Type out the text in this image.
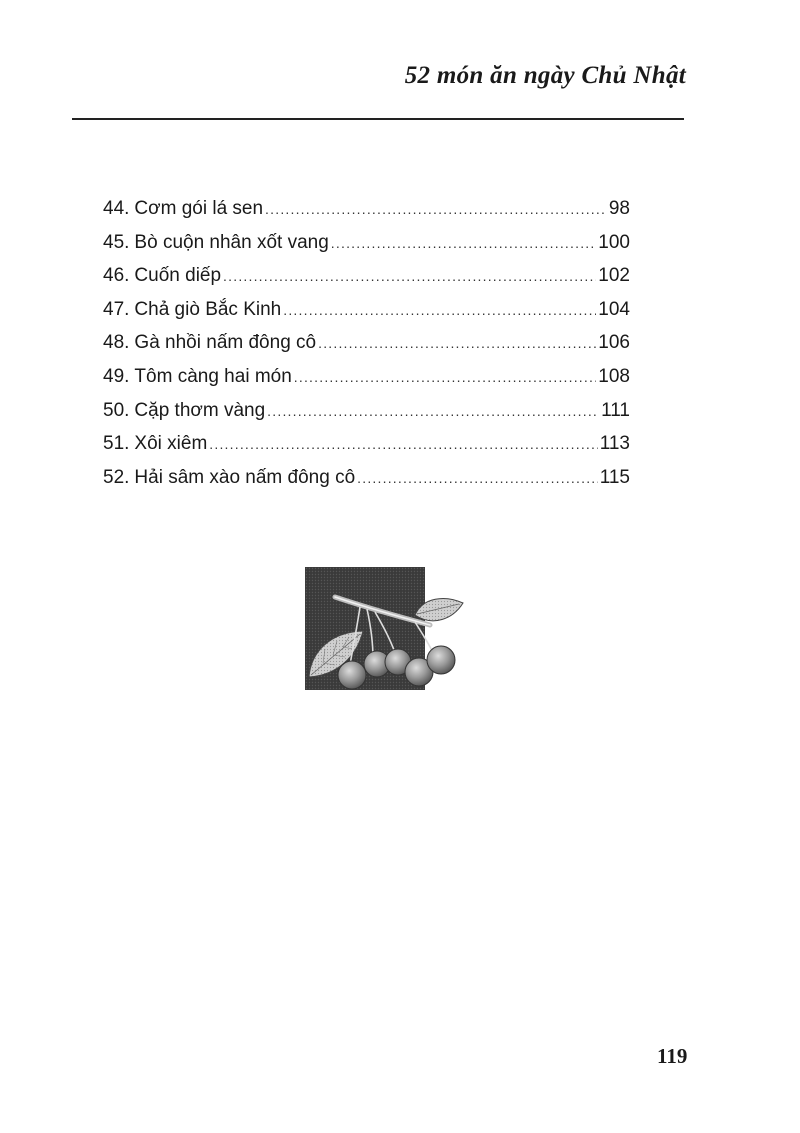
52 món ăn ngày Chủ Nhật
44. Cơm gói lá sen .....	98
45. Bò cuộn nhân xốt vang .....	100
46. Cuốn diếp .....	102
47. Chả giò Bắc Kinh .....	104
48. Gà nhồi nấm đông cô .....	106
49. Tôm càng hai món .....	108
50. Cặp thơm vàng .....	111
51. Xôi xiêm .....	113
52. Hải sâm xào nấm đông cô .....	115
119
